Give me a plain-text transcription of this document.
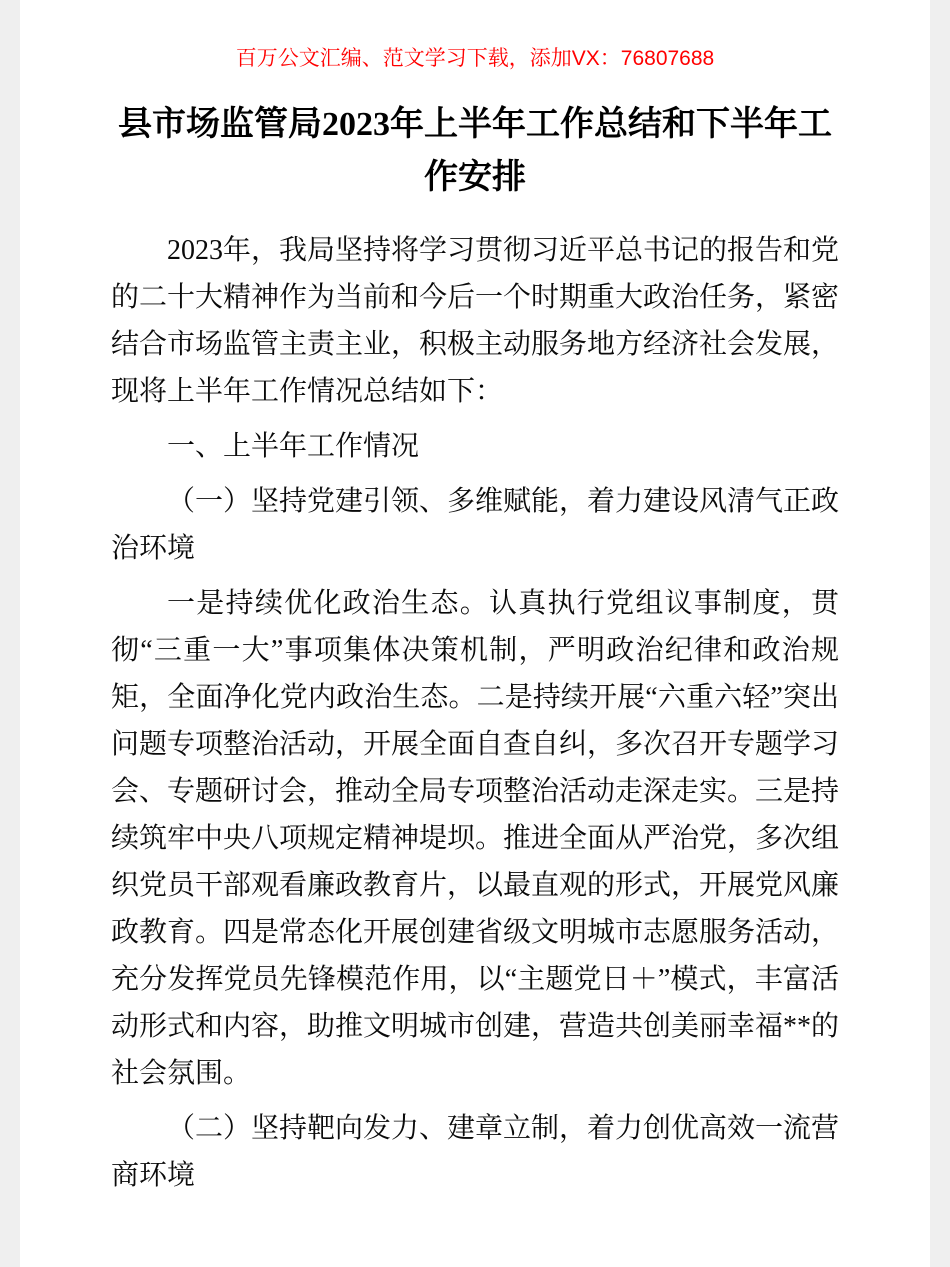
百万公文汇编、范文学习下载，添加VX：76807688
县市场监管局2023年上半年工作总结和下半年工作安排

2023年，我局坚持将学习贯彻习近平总书记的报告和党的二十大精神作为当前和今后一个时期重大政治任务，紧密结合市场监管主责主业，积极主动服务地方经济社会发展，现将上半年工作情况总结如下：

一、上半年工作情况

（一）坚持党建引领、多维赋能，着力建设风清气正政治环境

一是持续优化政治生态。认真执行党组议事制度，贯彻“三重一大”事项集体决策机制，严明政治纪律和政治规矩，全面净化党内政治生态。二是持续开展“六重六轻”突出问题专项整治活动，开展全面自查自纠，多次召开专题学习会、专题研讨会，推动全局专项整治活动走深走实。三是持续筑牢中央八项规定精神堤坝。推进全面从严治党，多次组织党员干部观看廉政教育片，以最直观的形式，开展党风廉政教育。四是常态化开展创建省级文明城市志愿服务活动，充分发挥党员先锋模范作用，以“主题党日＋”模式，丰富活动形式和内容，助推文明城市创建，营造共创美丽幸福**的社会氛围。

（二）坚持靶向发力、建章立制，着力创优高效一流营商环境
